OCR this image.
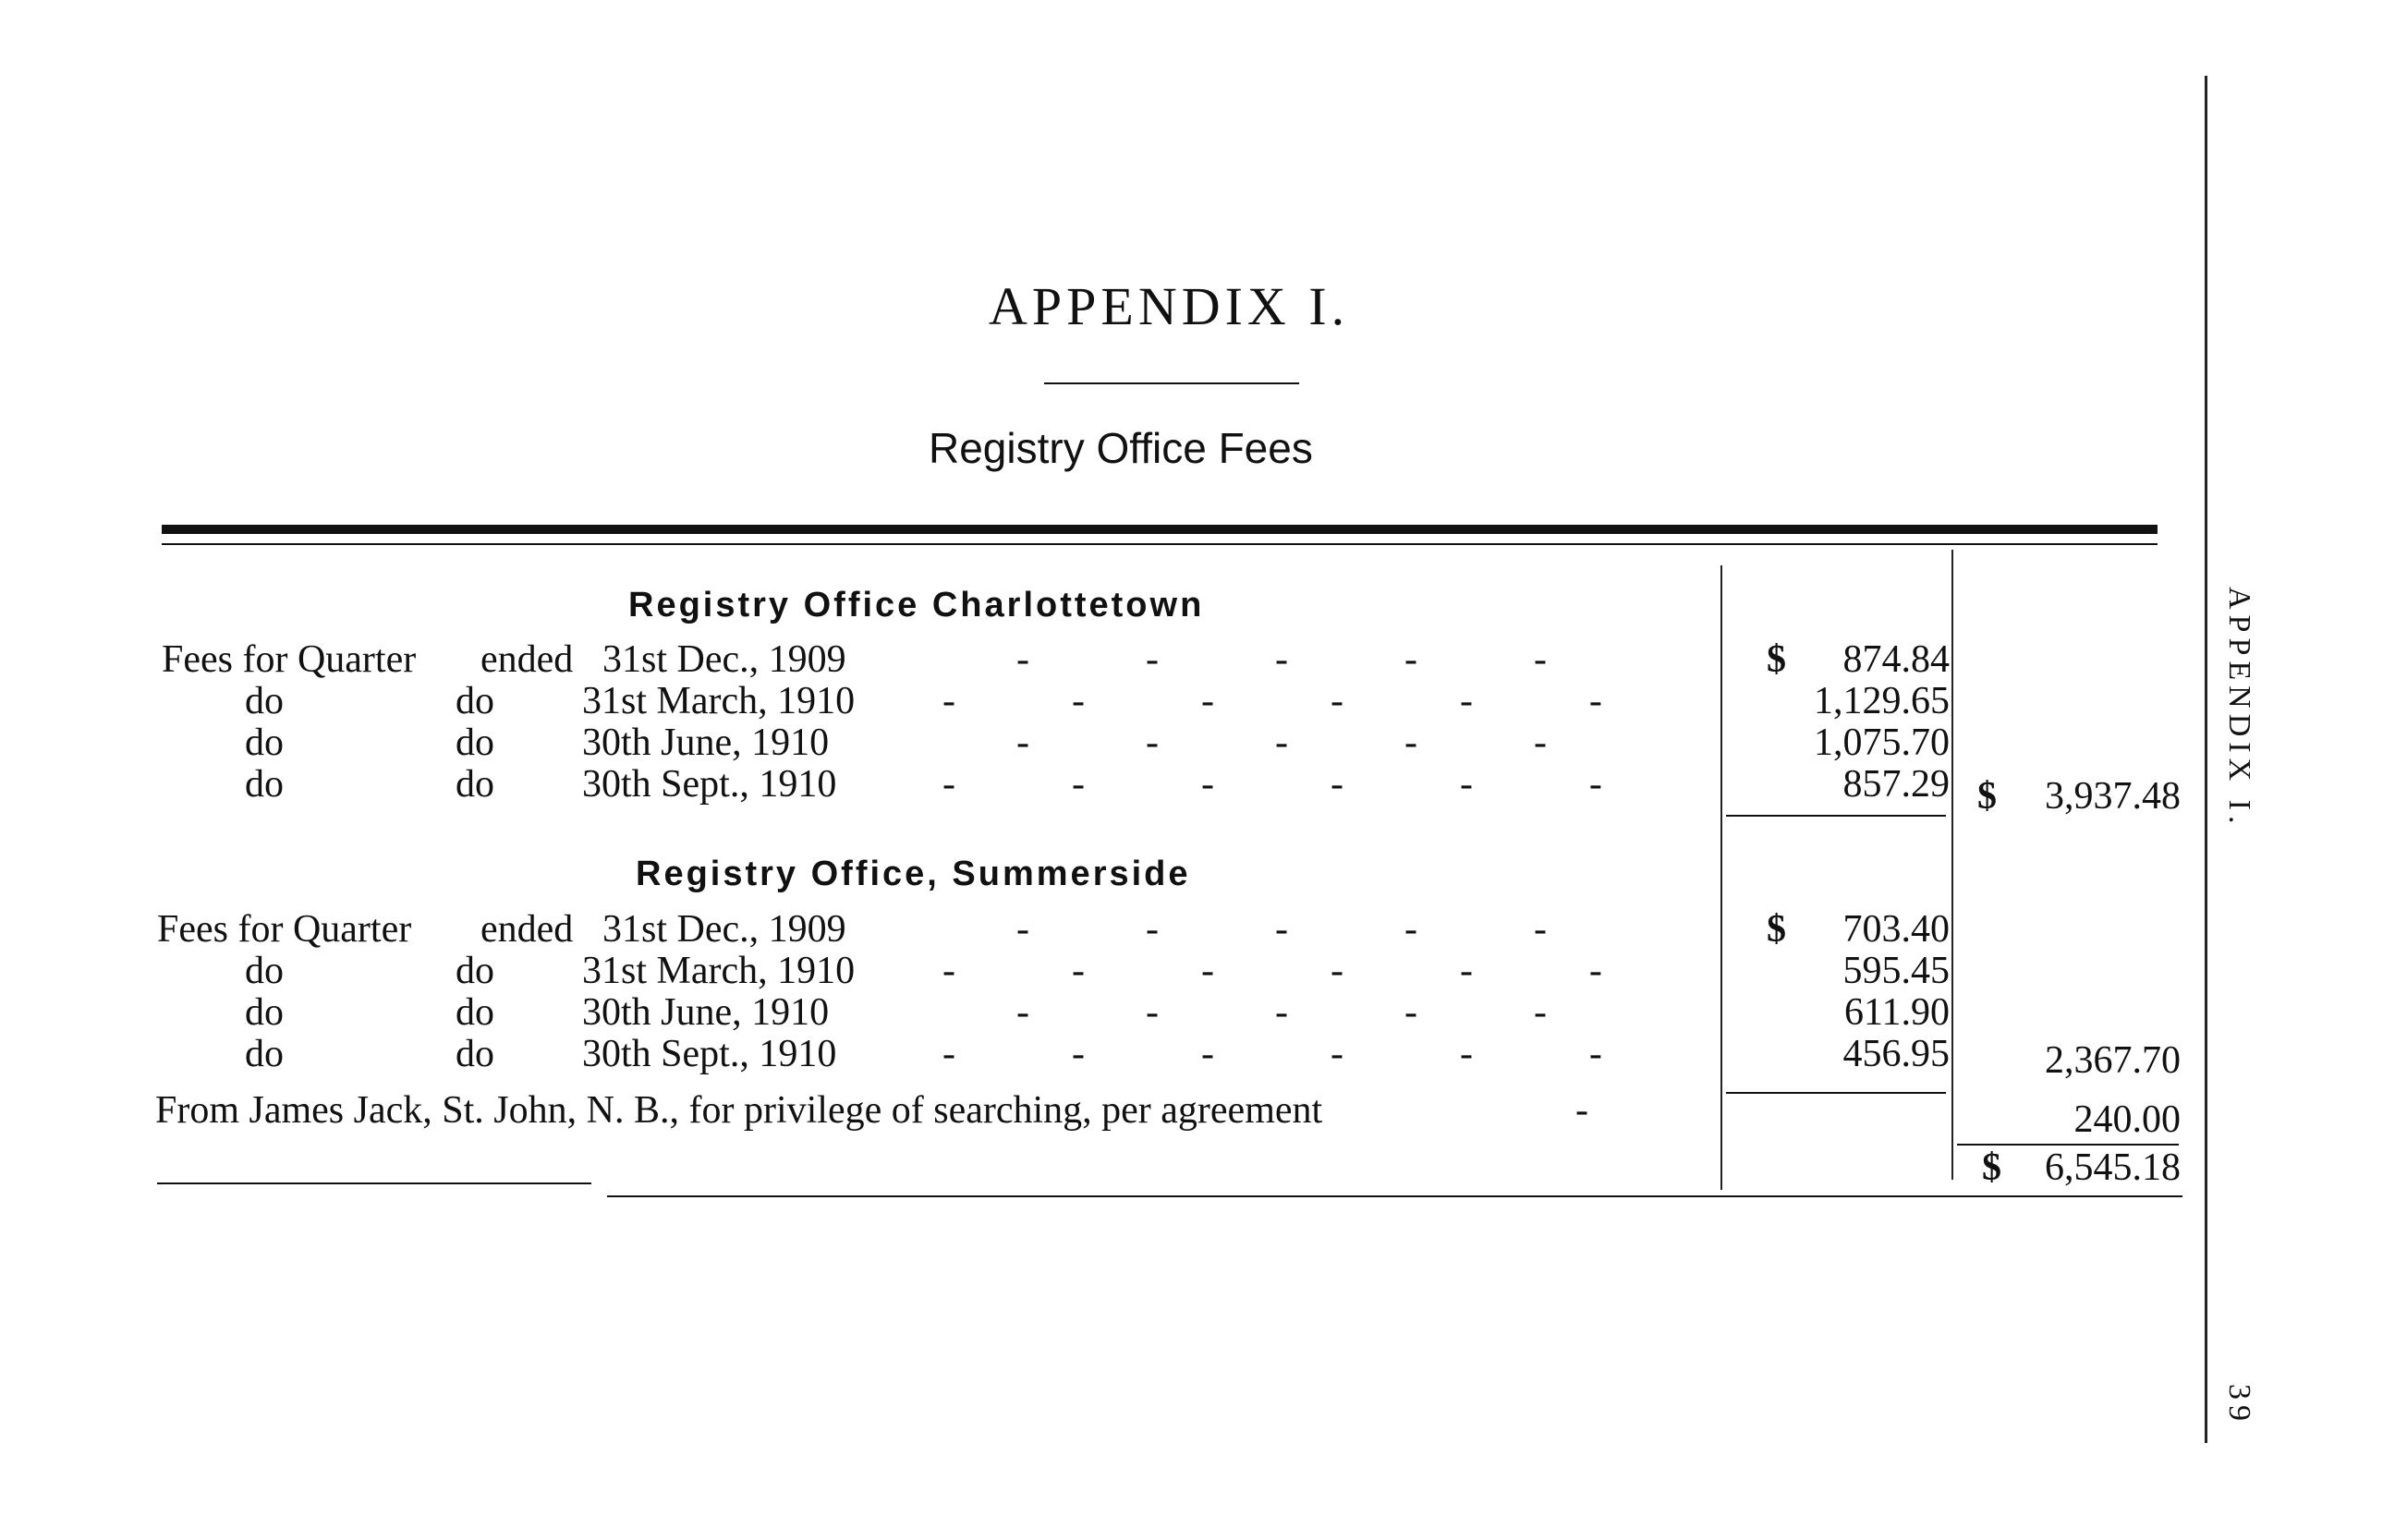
APPENDIX I.
Registry Office Fees
APPENDIX I.
39
Registry Office Charlottetown
Fees for Quarter ended 31st Dec., 1909	-            -            -            -            -	$	874.84
do	do 31st March, 1910 -            -            -            -            -            -	1,129.65
do	do 30th June, 1910	-            -            -            -            -	1,075.70
do	do 30th Sept., 1910	-            -            -            -            -            -	857.29 $	3,937.48
Registry Office, Summerside
Fees for Quarter ended 31st Dec., 1909	-            -            -            -            -	$	703.40
do	do 31st March, 1910 -            -            -            -            -            -	595.45
do	do 30th June, 1910	-            -            -            -            -	611.90
do	do 30th Sept., 1910	-            -            -            -            -            -	456.95	2,367.70
From James Jack, St. John, N. B., for privilege of searching, per agreement	-	240.00
$	6,545.18
